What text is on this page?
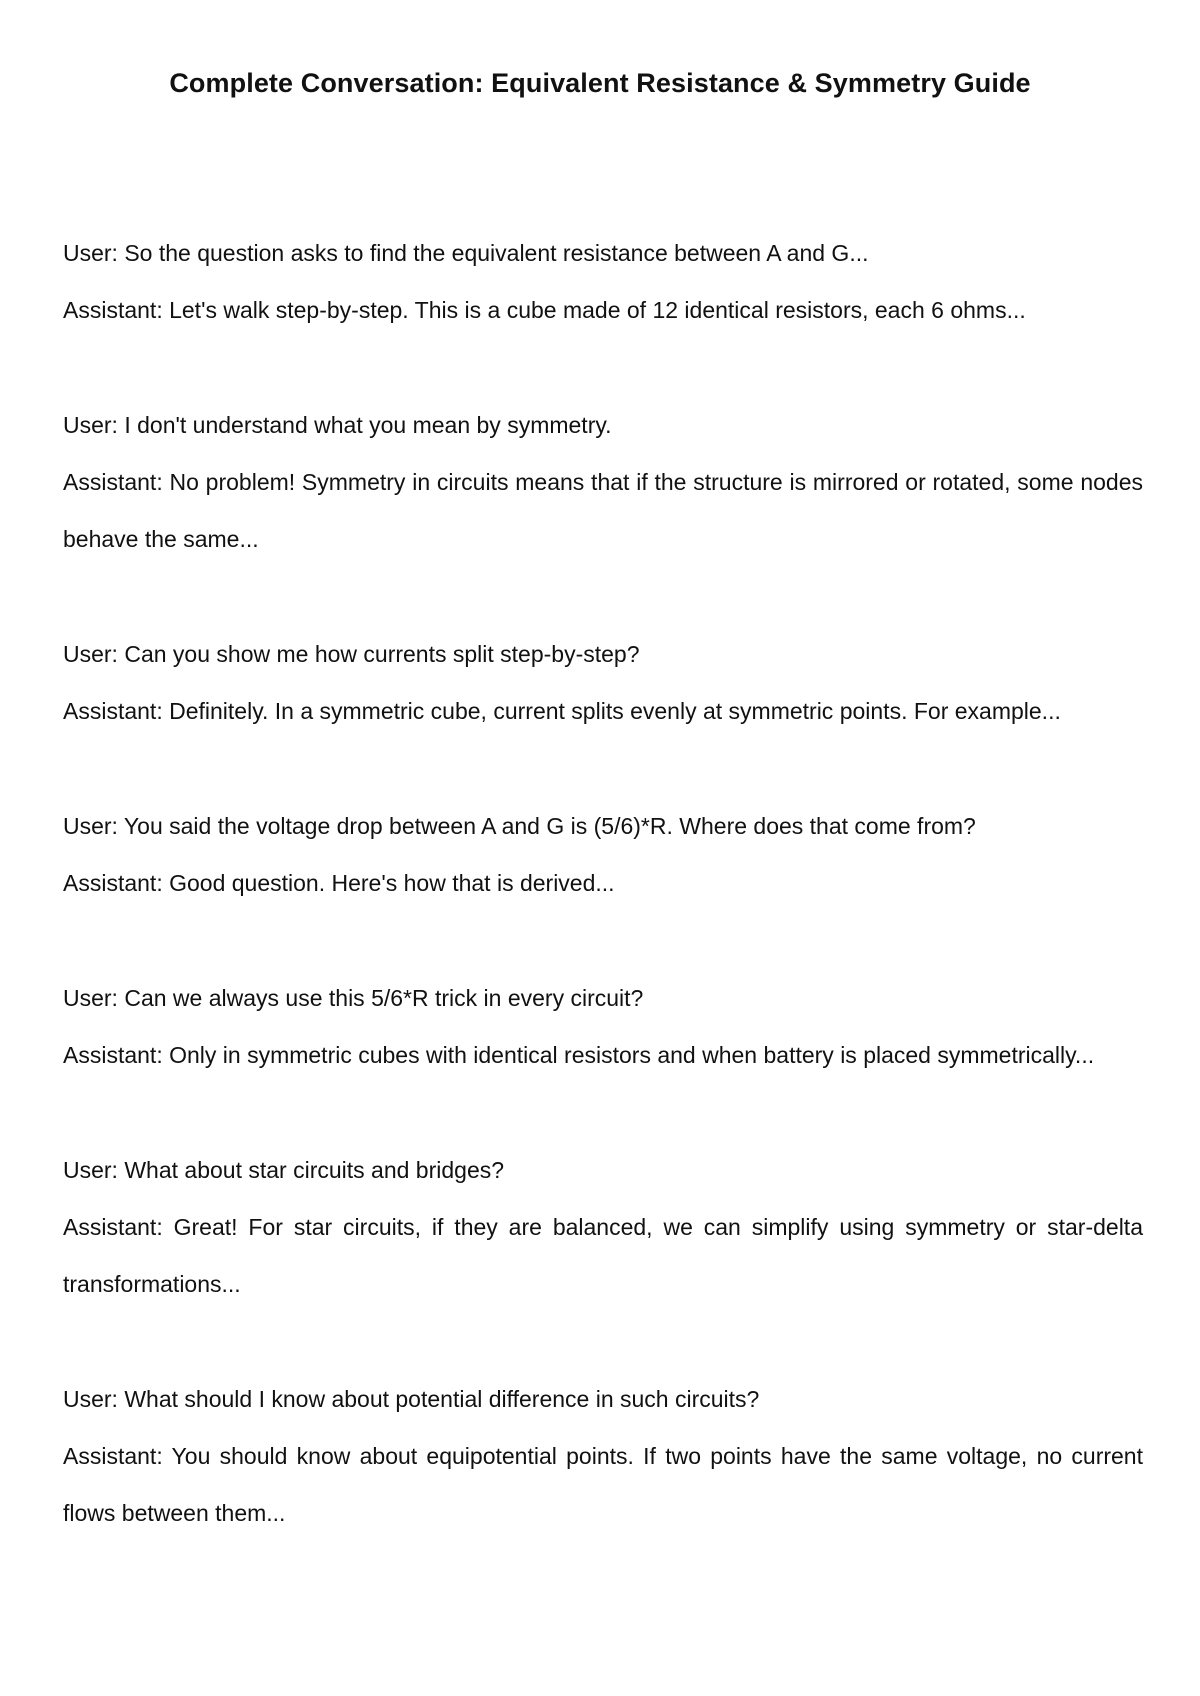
Complete Conversation: Equivalent Resistance & Symmetry Guide

User: So the question asks to find the equivalent resistance between A and G...

Assistant: Let's walk step-by-step. This is a cube made of 12 identical resistors, each 6 ohms...

User: I don't understand what you mean by symmetry.

Assistant: No problem! Symmetry in circuits means that if the structure is mirrored or rotated, some nodes behave the same...

User: Can you show me how currents split step-by-step?

Assistant: Definitely. In a symmetric cube, current splits evenly at symmetric points. For example...

User: You said the voltage drop between A and G is (5/6)*R. Where does that come from?

Assistant: Good question. Here's how that is derived...

User: Can we always use this 5/6*R trick in every circuit?

Assistant: Only in symmetric cubes with identical resistors and when battery is placed symmetrically...

User: What about star circuits and bridges?

Assistant: Great! For star circuits, if they are balanced, we can simplify using symmetry or star-delta transformations...

User: What should I know about potential difference in such circuits?

Assistant: You should know about equipotential points. If two points have the same voltage, no current flows between them...
